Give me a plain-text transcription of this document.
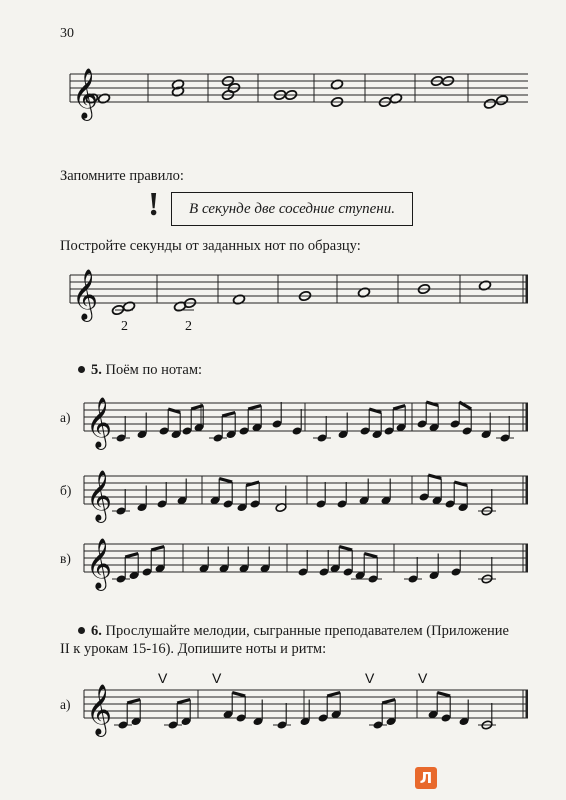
30
𝄞
𝄞
2	2
𝄞
𝄞
𝄞
𝄞
V	V	V	V
Запомните правило:
!	В секунде две соседние ступени.
Постройте секунды от заданных нот по образцу:
5. Поём по нотам:
а)
б)
в)
6. Прослушайте мелодии, сыгранные преподавателем (Приложение
II к урокам 15-16). Допишите ноты и ритм:
а)
Л
